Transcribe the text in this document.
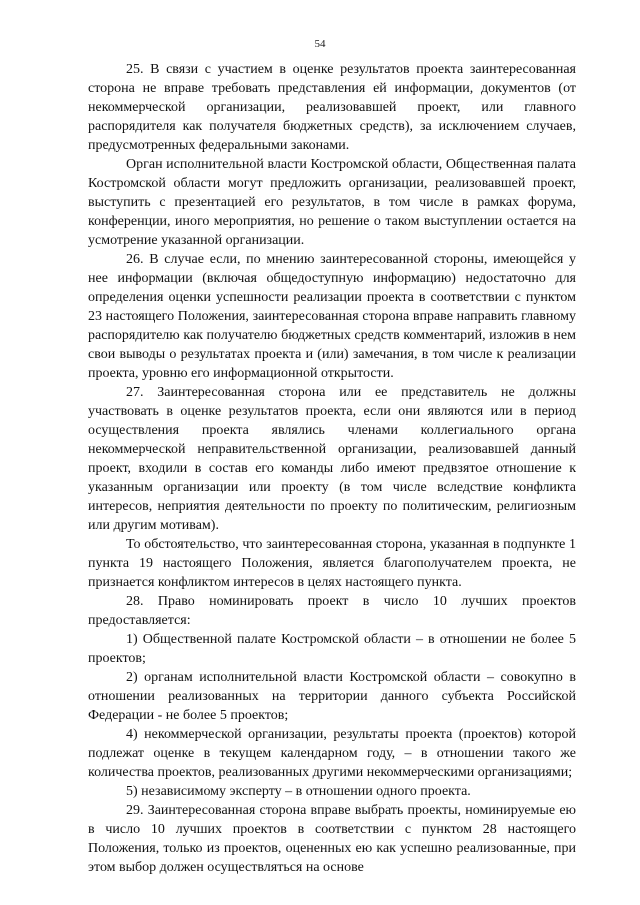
54

25. В связи с участием в оценке результатов проекта заинтересованная сторона не вправе требовать представления ей информации, документов (от некоммерческой организации, реализовавшей проект, или главного распорядителя как получателя бюджетных средств), за исключением случаев, предусмотренных федеральными законами.

Орган исполнительной власти Костромской области, Общественная палата Костромской области могут предложить организации, реализовавшей проект, выступить с презентацией его результатов, в том числе в рамках форума, конференции, иного мероприятия, но решение о таком выступлении остается на усмотрение указанной организации.

26. В случае если, по мнению заинтересованной стороны, имеющейся у нее информации (включая общедоступную информацию) недостаточно для определения оценки успешности реализации проекта в соответствии с пунктом 23 настоящего Положения, заинтересованная сторона вправе направить главному распорядителю как получателю бюджетных средств комментарий, изложив в нем свои выводы о результатах проекта и (или) замечания, в том числе к реализации проекта, уровню его информационной открытости.

27. Заинтересованная сторона или ее представитель не должны участвовать в оценке результатов проекта, если они являются или в период осуществления проекта являлись членами коллегиального органа некоммерческой неправительственной организации, реализовавшей данный проект, входили в состав его команды либо имеют предвзятое отношение к указанным организации или проекту (в том числе вследствие конфликта интересов, неприятия деятельности по проекту по политическим, религиозным или другим мотивам).

То обстоятельство, что заинтересованная сторона, указанная в подпункте 1 пункта 19 настоящего Положения, является благополучателем проекта, не признается конфликтом интересов в целях настоящего пункта.

28. Право номинировать проект в число 10 лучших проектов предоставляется:

1) Общественной палате Костромской области – в отношении не более 5 проектов;

2) органам исполнительной власти Костромской области – совокупно в отношении реализованных на территории данного субъекта Российской Федерации - не более 5 проектов;

4) некоммерческой организации, результаты проекта (проектов) которой подлежат оценке в текущем календарном году, – в отношении такого же количества проектов, реализованных другими некоммерческими организациями;

5) независимому эксперту – в отношении одного проекта.

29. Заинтересованная сторона вправе выбрать проекты, номинируемые ею в число 10 лучших проектов в соответствии с пунктом 28 настоящего Положения, только из проектов, оцененных ею как успешно реализованные, при этом выбор должен осуществляться на основе
